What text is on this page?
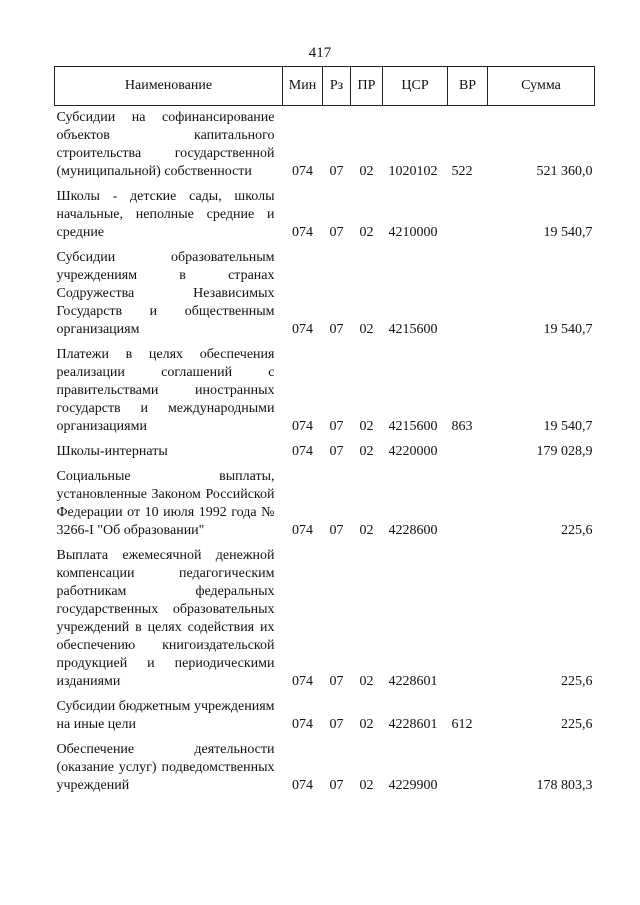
417
Наименование	Мин	Рз	ПР	ЦСР	ВР	Сумма
Субсидии на софинансирование объектов капитального строительства государственной (муниципальной) собственности	074	07	02	1020102	522	521 360,0
Школы - детские сады, школы начальные, неполные средние и средние	074	07	02	4210000		19 540,7
Субсидии образовательным учреждениям в странах Содружества Независимых Государств и общественным организациям	074	07	02	4215600		19 540,7
Платежи в целях обеспечения реализации соглашений с правительствами иностранных государств и международными организациями	074	07	02	4215600	863	19 540,7
Школы-интернаты	074	07	02	4220000		179 028,9
Социальные выплаты, установленные Законом Российской Федерации от 10 июля 1992 года № 3266-I "Об образовании"	074	07	02	4228600		225,6
Выплата ежемесячной денежной компенсации педагогическим работникам федеральных государственных образовательных учреждений в целях содействия их обеспечению книгоиздательской продукцией и периодическими изданиями	074	07	02	4228601		225,6
Субсидии бюджетным учреждениям на иные цели	074	07	02	4228601	612	225,6
Обеспечение деятельности (оказание услуг) подведомственных учреждений	074	07	02	4229900		178 803,3
